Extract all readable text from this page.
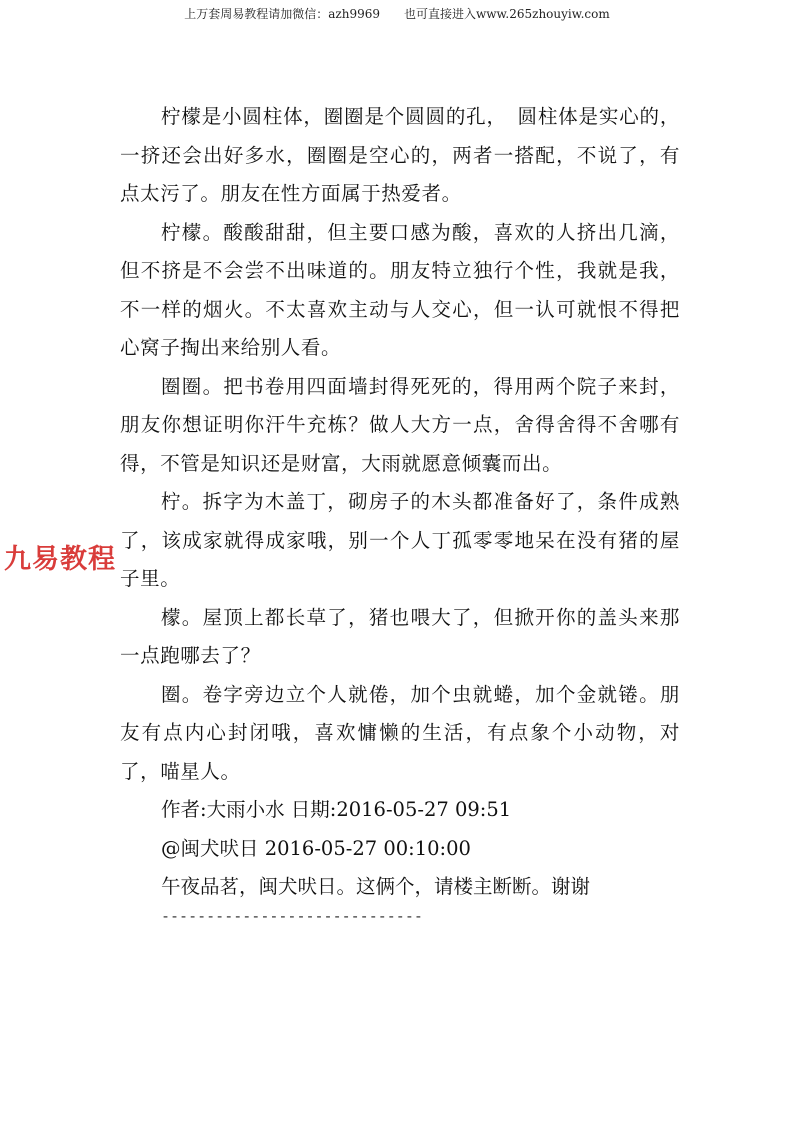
上万套周易教程请加微信：azh9969　　也可直接进入www.265zhouyiw.com

柠檬是小圆柱体，圈圈是个圆圆的孔，　圆柱体是实心的，一挤还会出好多水，圈圈是空心的，两者一搭配，不说了，有点太污了。朋友在性方面属于热爱者。

柠檬。酸酸甜甜，但主要口感为酸，喜欢的人挤出几滴，但不挤是不会尝不出味道的。朋友特立独行个性，我就是我，不一样的烟火。不太喜欢主动与人交心，但一认可就恨不得把心窝子掏出来给别人看。

圈圈。把书卷用四面墙封得死死的，得用两个院子来封，朋友你想证明你汗牛充栋？做人大方一点，舍得舍得不舍哪有得，不管是知识还是财富，大雨就愿意倾囊而出。

柠。拆字为木盖丁，砌房子的木头都准备好了，条件成熟了，该成家就得成家哦，别一个人丁孤零零地呆在没有猪的屋子里。

檬。屋顶上都长草了，猪也喂大了，但掀开你的盖头来那一点跑哪去了？

圈。卷字旁边立个人就倦，加个虫就蜷，加个金就锩。朋友有点内心封闭哦，喜欢慵懒的生活，有点象个小动物，对了，喵星人。

作者:大雨小水 日期:2016-05-27 09:51

@闽犬吠日 2016-05-27 00:10:00

午夜品茗，闽犬吠日。这俩个，请楼主断断。谢谢

-----------------------------
九易教程
